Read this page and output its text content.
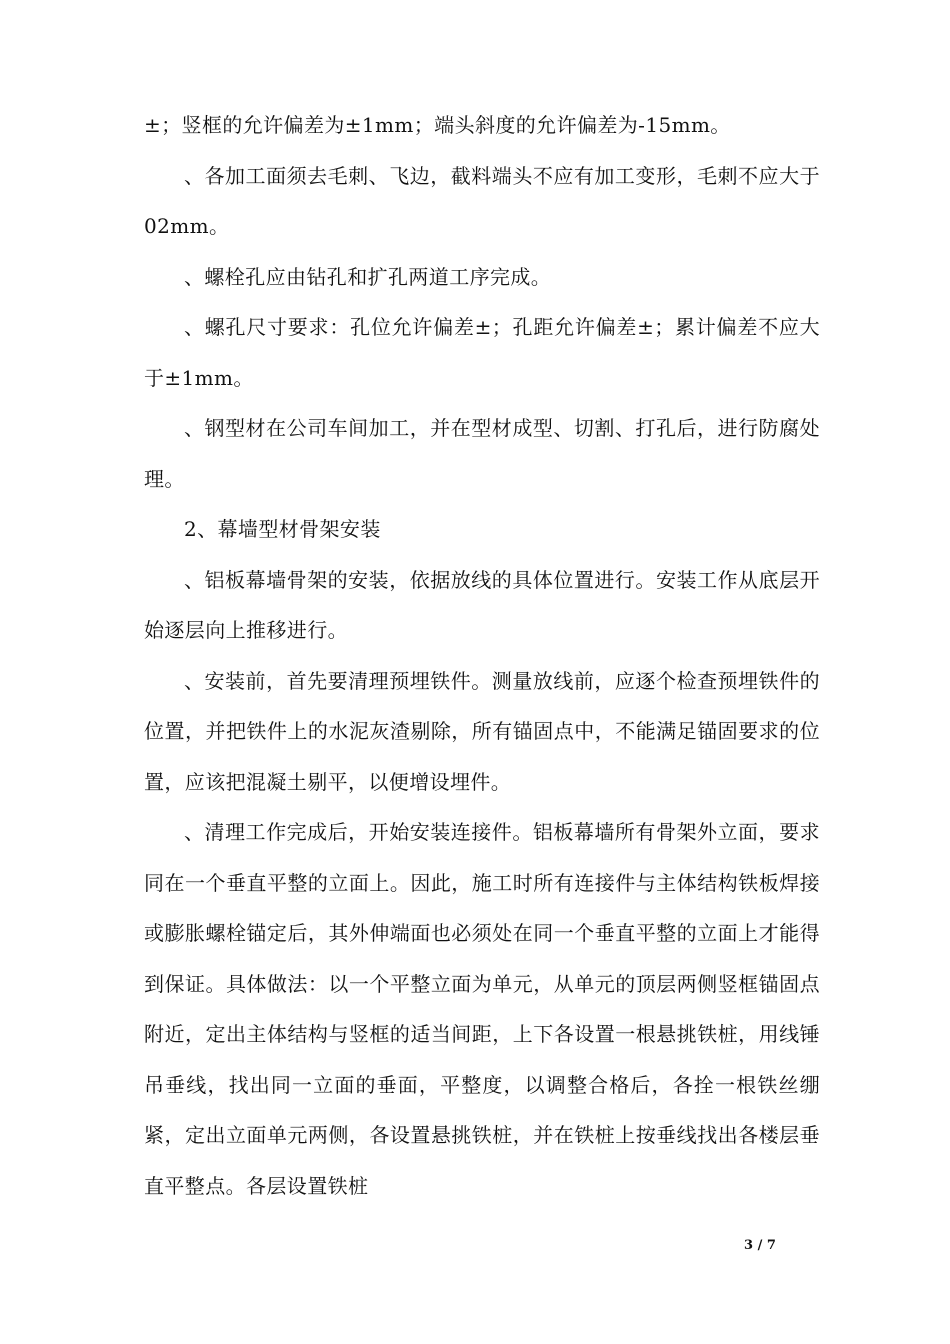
±；竖框的允许偏差为±1mm；端头斜度的允许偏差为-15mm。

、各加工面须去毛刺、飞边，截料端头不应有加工变形，毛刺不应大于02mm。

、螺栓孔应由钻孔和扩孔两道工序完成。

、螺孔尺寸要求：孔位允许偏差±；孔距允许偏差±；累计偏差不应大于±1mm。

、钢型材在公司车间加工，并在型材成型、切割、打孔后，进行防腐处理。

2、幕墙型材骨架安装

、铝板幕墙骨架的安装，依据放线的具体位置进行。安装工作从底层开始逐层向上推移进行。

、安装前，首先要清理预埋铁件。测量放线前，应逐个检查预埋铁件的位置，并把铁件上的水泥灰渣剔除，所有锚固点中，不能满足锚固要求的位置，应该把混凝土剔平，以便增设埋件。

、清理工作完成后，开始安装连接件。铝板幕墙所有骨架外立面，要求同在一个垂直平整的立面上。因此，施工时所有连接件与主体结构铁板焊接或膨胀螺栓锚定后，其外伸端面也必须处在同一个垂直平整的立面上才能得到保证。具体做法：以一个平整立面为单元，从单元的顶层两侧竖框锚固点附近，定出主体结构与竖框的适当间距，上下各设置一根悬挑铁桩，用线锤吊垂线，找出同一立面的垂面，平整度，以调整合格后，各拴一根铁丝绷紧，定出立面单元两侧，各设置悬挑铁桩，并在铁桩上按垂线找出各楼层垂直平整点。各层设置铁桩

3 / 7
